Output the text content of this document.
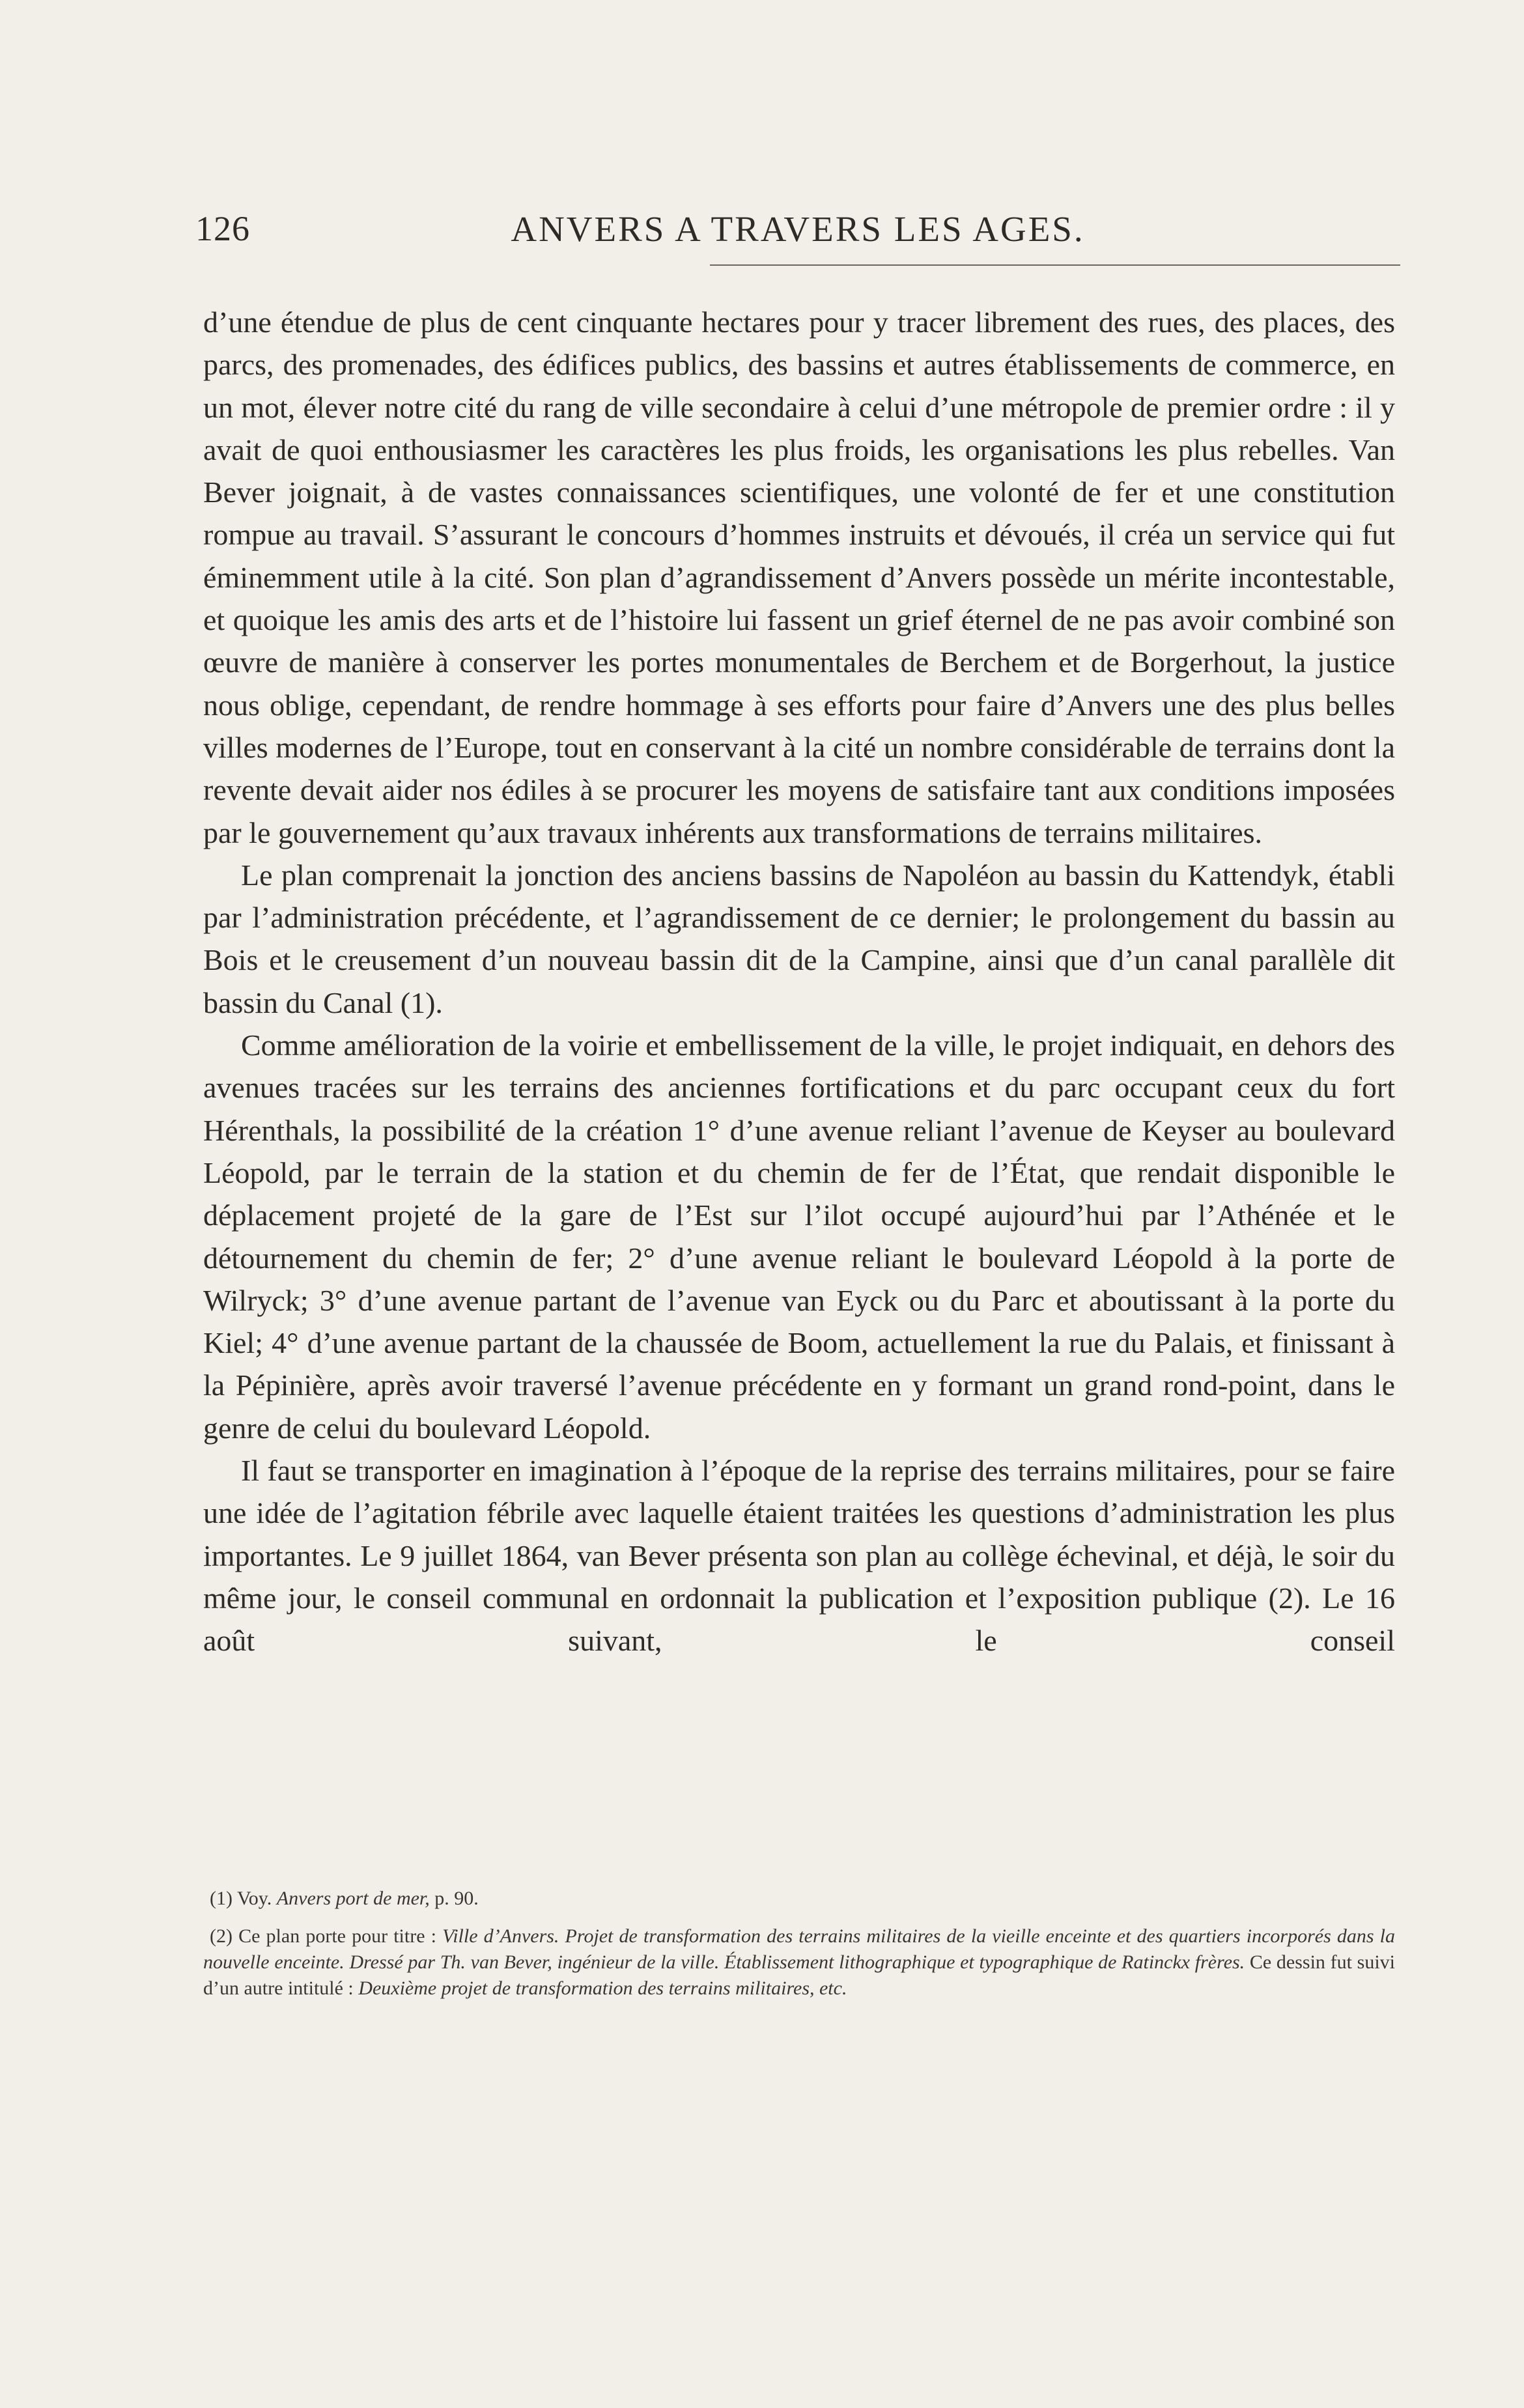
126	ANVERS A TRAVERS LES AGES.

d’une étendue de plus de cent cinquante hectares pour y tracer librement des rues, des places, des parcs, des promenades, des édifices publics, des bassins et autres établissements de commerce, en un mot, élever notre cité du rang de ville secondaire à celui d’une métropole de premier ordre : il y avait de quoi enthousiasmer les caractères les plus froids, les organisations les plus rebelles. Van Bever joignait, à de vastes connaissances scientifiques, une volonté de fer et une constitution rompue au travail. S’assurant le concours d’hommes instruits et dévoués, il créa un service qui fut éminemment utile à la cité. Son plan d’agrandissement d’Anvers possède un mérite incontestable, et quoique les amis des arts et de l’histoire lui fassent un grief éternel de ne pas avoir combiné son œuvre de manière à conserver les portes monumentales de Berchem et de Borgerhout, la justice nous oblige, cependant, de rendre hommage à ses efforts pour faire d’Anvers une des plus belles villes modernes de l’Europe, tout en conservant à la cité un nombre considérable de terrains dont la revente devait aider nos édiles à se procurer les moyens de satisfaire tant aux conditions imposées par le gouvernement qu’aux travaux inhérents aux transformations de terrains militaires.

Le plan comprenait la jonction des anciens bassins de Napoléon au bassin du Kattendyk, établi par l’administration précédente, et l’agrandissement de ce dernier; le prolongement du bassin au Bois et le creusement d’un nouveau bassin dit de la Campine, ainsi que d’un canal parallèle dit bassin du Canal (1).

Comme amélioration de la voirie et embellissement de la ville, le projet indiquait, en dehors des avenues tracées sur les terrains des anciennes fortifications et du parc occupant ceux du fort Hérenthals, la possibilité de la création 1° d’une avenue reliant l’avenue de Keyser au boulevard Léopold, par le terrain de la station et du chemin de fer de l’État, que rendait disponible le déplacement projeté de la gare de l’Est sur l’ilot occupé aujourd’hui par l’Athénée et le détournement du chemin de fer; 2° d’une avenue reliant le boulevard Léopold à la porte de Wilryck; 3° d’une avenue partant de l’avenue van Eyck ou du Parc et aboutissant à la porte du Kiel; 4° d’une avenue partant de la chaussée de Boom, actuellement la rue du Palais, et finissant à la Pépinière, après avoir traversé l’avenue précédente en y formant un grand rond-point, dans le genre de celui du boulevard Léopold.

Il faut se transporter en imagination à l’époque de la reprise des terrains militaires, pour se faire une idée de l’agitation fébrile avec laquelle étaient traitées les questions d’administration les plus importantes. Le 9 juillet 1864, van Bever présenta son plan au collège échevinal, et déjà, le soir du même jour, le conseil communal en ordonnait la publication et l’exposition publique (2). Le 16 août suivant, le conseil

(1) Voy. Anvers port de mer, p. 90.

(2) Ce plan porte pour titre : Ville d’Anvers. Projet de transformation des terrains militaires de la vieille enceinte et des quartiers incorporés dans la nouvelle enceinte. Dressé par Th. van Bever, ingénieur de la ville. Établissement lithographique et typographique de Ratinckx frères. Ce dessin fut suivi d’un autre intitulé : Deuxième projet de transformation des terrains militaires, etc.
